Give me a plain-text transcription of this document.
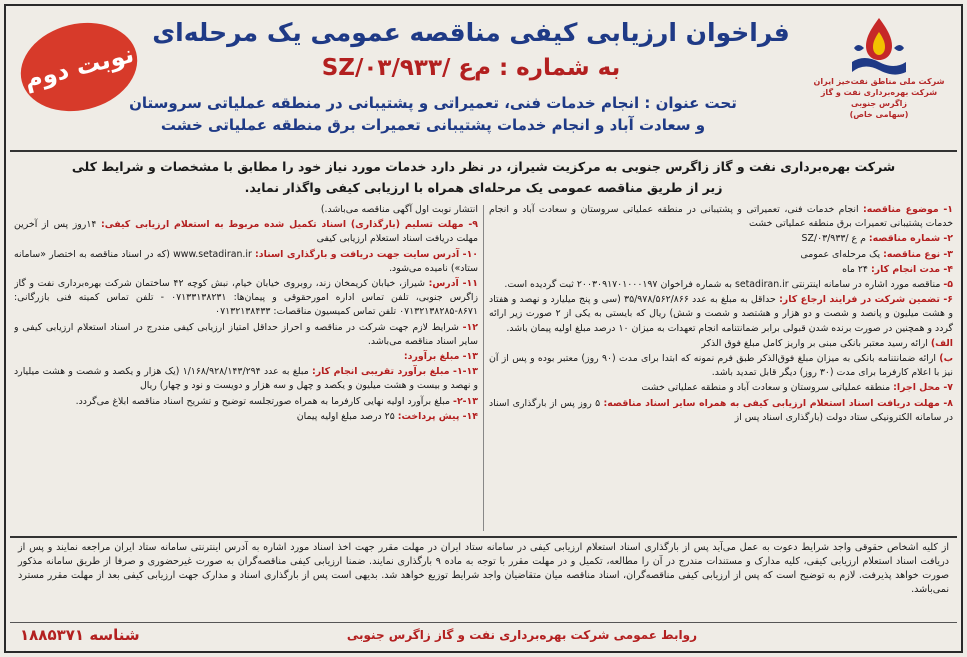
نوبت دوم
فراخوان ارزیابی کیفی مناقصه عمومی یک مرحله‌ای
به شماره : م‌ع /۰۳/۹۳۳/SZ
تحت عنوان : انجام خدمات فنی، تعمیراتی و پشتیبانی در منطقه عملیاتی سروستان
و سعادت آباد و انجام خدمات پشتیبانی تعمیرات برق منطقه عملیاتی خشت
شرکت ملی مناطق نفت‌خیز ایران
شرکت بهره‌برداری نفت و گاز زاگرس جنوبی
(سهامی خاص)
شرکت بهره‌برداری نفت و گاز زاگرس جنوبی به مرکزیت شیراز، در نظر دارد خدمات مورد نیاز خود را مطابق با مشخصات و شرایط کلی
زیر از طریق مناقصه عمومی یک مرحله‌ای همراه با ارزیابی کیفی واگذار نماید.

۱- موضوع مناقصه: انجام خدمات فنی، تعمیراتی و پشتیبانی در منطقه عملیاتی سروستان و سعادت آباد و انجام خدمات پشتیبانی تعمیرات برق منطقه عملیاتی خشت

۲- شماره مناقصه: م ع /۰۳/۹۳۳/SZ

۳- نوع مناقصه: یک مرحله‌ای عمومی

۴- مدت انجام کار: ۲۴ ماه

۵- مناقصه مورد اشاره در سامانه اینترنتی setadiran.ir به شماره فراخوان ۲۰۰۳۰۹۱۷۰۱۰۰۰۱۹۷ ثبت گردیده است.

۶- تضمین شرکت در فرایند ارجاع کار: حداقل به مبلغ به عدد ۳۵/۹۷۸/۵۶۲/۸۶۶ (سی و پنج میلیارد و نهصد و هفتاد و هشت میلیون و پانصد و شصت و دو هزار و هشتصد و شصت و شش) ریال که بایستی به یکی از ۲ صورت زیر ارائه گردد و همچنین در صورت برنده شدن قبولی برابر ضمانتنامه انجام تعهدات به میزان ۱۰ درصد مبلغ اولیه پیمان باشد.

الف) ارائه رسید معتبر بانکی مبنی بر واریز کامل مبلغ فوق الذکر

ب) ارائه ضمانتنامه بانکی به میزان مبلغ فوق‌الذکر طبق فرم نمونه که ابتدا برای مدت (۹۰ روز) معتبر بوده و پس از آن نیز با اعلام کارفرما برای مدت (۳۰ روز) دیگر قابل تمدید باشد.

۷- محل اجرا: منطقه عملیاتی سروستان و سعادت آباد و منطقه عملیاتی خشت

۸- مهلت دریافت اسناد استعلام ارزیابی کیفی به همراه سایر اسناد مناقصه: ۵ روز پس از بارگذاری اسناد در سامانه الکترونیکی ستاد دولت (بارگذاری اسناد پس از

انتشار نوبت اول آگهی مناقصه می‌باشد.)

۹- مهلت تسلیم (بارگذاری) اسناد تکمیل شده مربوط به استعلام ارزیابی کیفی: ۱۴روز پس از آخرین مهلت دریافت اسناد استعلام ارزیابی کیفی

۱۰- آدرس سایت جهت دریافت و بارگذاری اسناد: www.setadiran.ir (که در اسناد مناقصه به اختصار «سامانه ستاد») نامیده می‌شود.

۱۱- آدرس: شیراز، خیابان کریمخان زند، روبروی خیابان خیام، نبش کوچه ۴۲ ساختمان شرکت بهره‌برداری نفت و گاز زاگرس جنوبی، تلفن تماس اداره امورحقوقی و پیمان‌ها: ۰۷۱۳۳۱۳۸۲۳۱ - تلفن تماس کمیته فنی بازرگانی: ۸۶۷۱-۰۷۱۳۲۱۳۸۲۸۵ تلفن تماس کمیسیون مناقصات: ۰۷۱۳۲۱۳۸۴۳۳

۱۲- شرایط لازم جهت شرکت در مناقصه و احراز حداقل امتیاز ارزیابی کیفی مندرج در اسناد استعلام ارزیابی کیفی و سایر اسناد مناقصه می‌باشد.

۱۳- مبلغ برآورد:

۱-۱۳- مبلغ برآورد تقریبی انجام کار: مبلغ به عدد ۱/۱۶۸/۹۲۸/۱۴۳/۲۹۴ (یک هزار و یکصد و شصت و هشت میلیارد و نهصد و بیست و هشت میلیون و یکصد و چهل و سه هزار و دویست و نود و چهار) ریال

۲-۱۳- مبلغ برآورد اولیه نهایی کارفرما به همراه صورتجلسه توضیح و تشریح اسناد مناقصه ابلاغ می‌گردد.

۱۴- پیش پرداخت: ۲۵ درصد مبلغ اولیه پیمان

از کلیه اشخاص حقوقی واجد شرایط دعوت به عمل می‌آید پس از بارگذاری اسناد استعلام ارزیابی کیفی در سامانه ستاد ایران در مهلت مقرر جهت اخذ اسناد مورد اشاره به آدرس اینترنتی سامانه ستاد ایران مراجعه نمایند و پس از دریافت اسناد استعلام ارزیابی کیفی، کلیه مدارک و مستندات مندرج در آن را مطالعه، تکمیل و در مهلت مقرر با توجه به ماده ۹ بارگذاری نمایند. ضمنا ارزیابی کیفی مناقصه‌گران به صورت غیرحضوری و صرفا از طریق سامانه مذکور صورت خواهد پذیرفت. لازم به توضیح است که پس از ارزیابی کیفی مناقصه‌گران، اسناد مناقصه میان متقاضیان واجد شرایط توزیع خواهد شد. بدیهی است پس از بارگذاری اسناد و مدارک جهت ارزیابی کیفی بعد از مهلت مقرر مسترد نمی‌باشد.
روابط عمومی شرکت بهره‌برداری نفت و گاز زاگرس جنوبی
شناسه ۱۸۸۵۳۷۱
